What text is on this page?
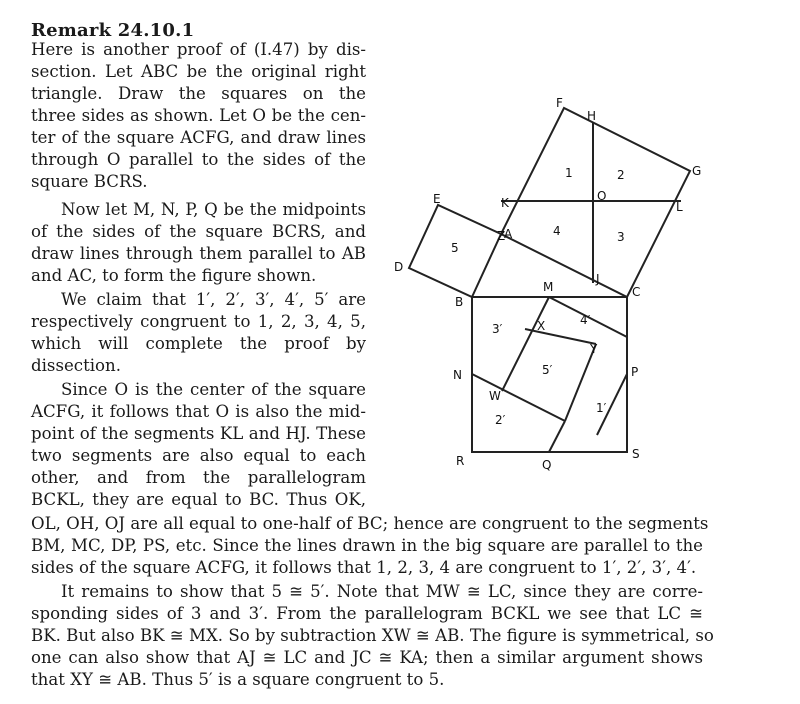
Remark 24.10.1
Here is another proof of (I.47) by dis-
section. Let ABC be the original right
triangle. Draw the squares on the
three sides as shown. Let O be the cen-
ter of the square ACFG, and draw lines
through O parallel to the sides of the
square BCRS.
Now let M, N, P, Q be the midpoints
of the sides of the square BCRS, and
draw lines through them parallel to AB
and AC, to form the figure shown.
We claim that 1′, 2′, 3′, 4′, 5′ are
respectively congruent to 1, 2, 3, 4, 5,
which will complete the proof by
dissection.
Since O is the center of the square
ACFG, it follows that O is also the mid-
point of the segments KL and HJ. These
two segments are also equal to each
other, and from the parallelogram
BCKL, they are equal to BC. Thus OK,
OL, OH, OJ are all equal to one-half of BC; hence are congruent to the segments
BM, MC, DP, PS, etc. Since the lines drawn in the big square are parallel to the
sides of the square ACFG, it follows that 1, 2, 3, 4 are congruent to 1′, 2′, 3′, 4′.
It remains to show that 5 ≅ 5′. Note that MW ≅ LC, since they are corre-
sponding sides of 3 and 3′. From the parallelogram BCKL we see that LC ≅
BK. But also BK ≅ MX. So by subtraction XW ≅ AB. The figure is symmetrical, so
one can also show that AJ ≅ LC and JC ≅ KA; then a similar argument shows
that XY ≅ AB. Thus 5′ is a square congruent to 5.
F
H
G
E	K	O
L
A
D
J
M	C
B
X
Y
N	P
W
R	Q
S
Z
1	2
3
4
5
1′
2′
3′
4′
5′
